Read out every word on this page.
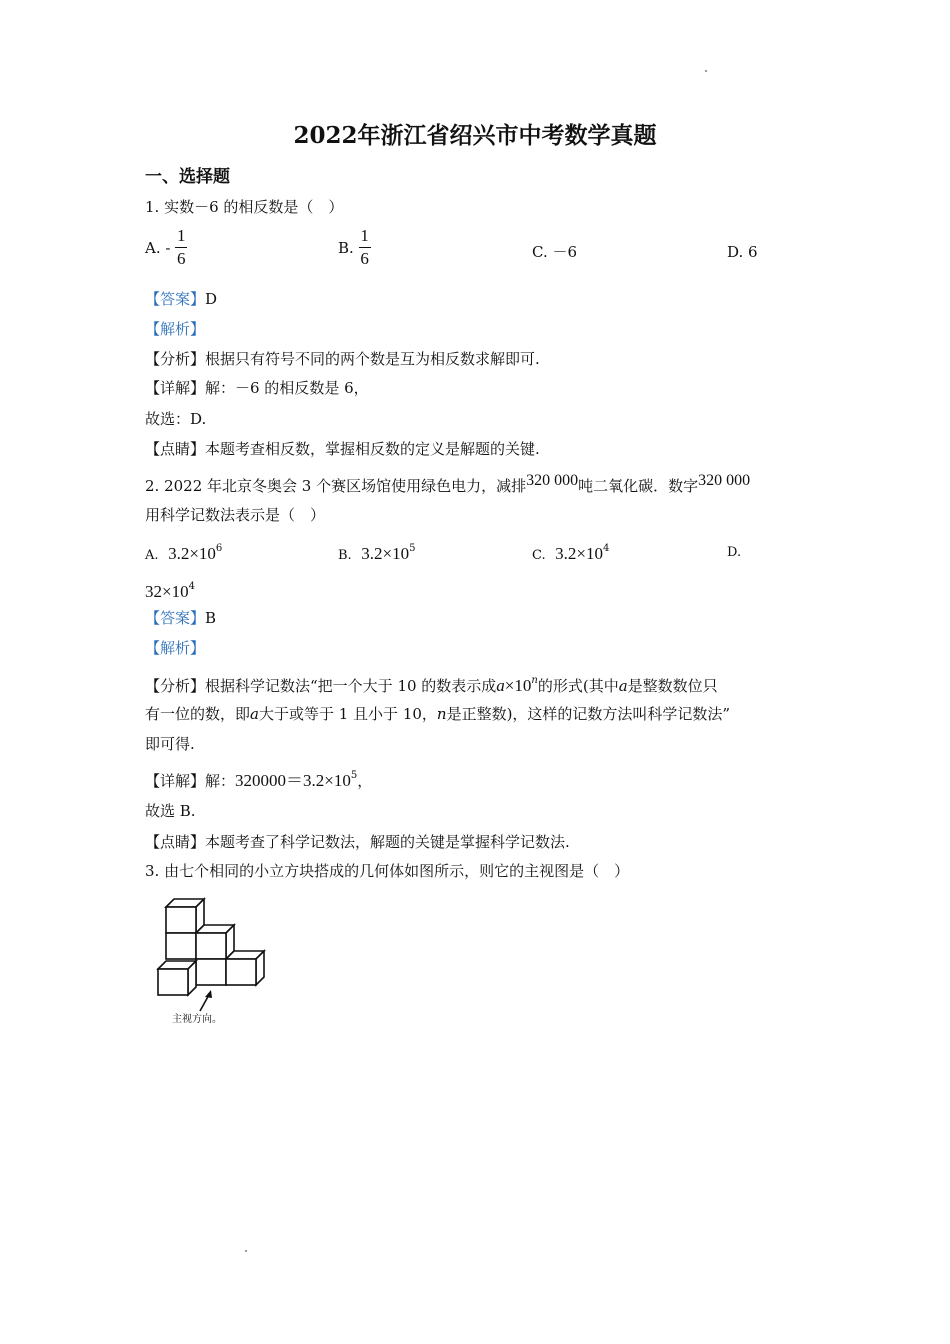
2022年浙江省绍兴市中考数学真题
一、选择题
1. 实数－6 的相反数是（　）
A. - $\frac{1}{6}$	B. $\frac{1}{6}$	C. －6	D. 6
【答案】D
【解析】
【分析】根据只有符号不同的两个数是互为相反数求解即可.
【详解】解：－6 的相反数是 6，
故选：D.
【点睛】本题考查相反数，掌握相反数的定义是解题的关键.
2. 2022 年北京冬奥会 3 个赛区场馆使用绿色电力，减排$^{320 000}$吨二氧化碳．数字$^{320 000}$
用科学记数法表示是（　）
A. $3.2\times 10^6$	B. $3.2\times 10^5$	C. $3.2\times 10^4$	D.
$32\times 10^4$
【答案】B
【解析】
【分析】根据科学记数法“把一个大于 10 的数表示成$a\times 10^n$的形式(其中a是整数数位只
有一位的数，即a大于或等于 1 且小于 10，n是正整数)，这样的记数方法叫科学记数法”
即可得.
【详解】解：$320000=3.2\times 10^5$，
故选 B.
【点睛】本题考查了科学记数法，解题的关键是掌握科学记数法.
3. 由七个相同的小立方块搭成的几何体如图所示，则它的主视图是（　）
主视方向。
